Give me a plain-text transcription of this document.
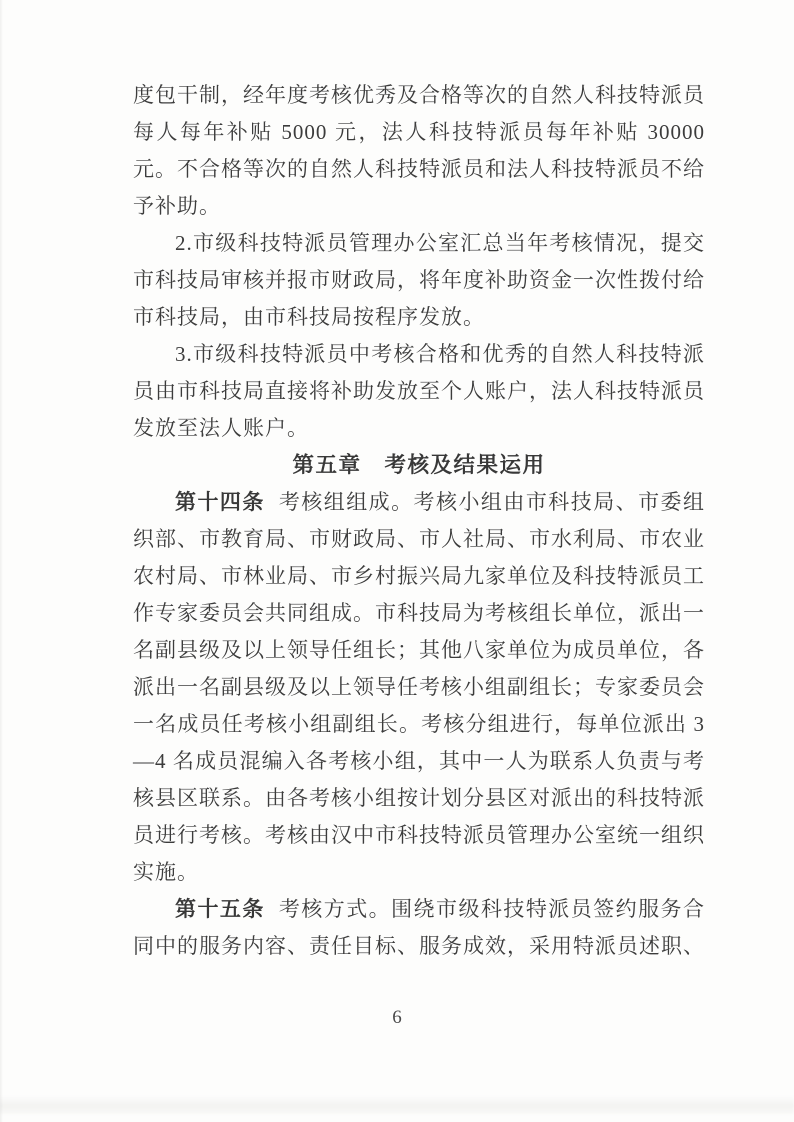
度包干制，经年度考核优秀及合格等次的自然人科技特派员每人每年补贴 5000 元，法人科技特派员每年补贴 30000 元。不合格等次的自然人科技特派员和法人科技特派员不给予补助。

2.市级科技特派员管理办公室汇总当年考核情况，提交市科技局审核并报市财政局，将年度补助资金一次性拨付给市科技局，由市科技局按程序发放。

3.市级科技特派员中考核合格和优秀的自然人科技特派员由市科技局直接将补助发放至个人账户，法人科技特派员发放至法人账户。

第五章　考核及结果运用

第十四条 考核组组成。考核小组由市科技局、市委组织部、市教育局、市财政局、市人社局、市水利局、市农业农村局、市林业局、市乡村振兴局九家单位及科技特派员工作专家委员会共同组成。市科技局为考核组长单位，派出一名副县级及以上领导任组长；其他八家单位为成员单位，各派出一名副县级及以上领导任考核小组副组长；专家委员会一名成员任考核小组副组长。考核分组进行，每单位派出 3—4 名成员混编入各考核小组，其中一人为联系人负责与考核县区联系。由各考核小组按计划分县区对派出的科技特派员进行考核。考核由汉中市科技特派员管理办公室统一组织实施。

第十五条 考核方式。围绕市级科技特派员签约服务合同中的服务内容、责任目标、服务成效，采用特派员述职、

6
